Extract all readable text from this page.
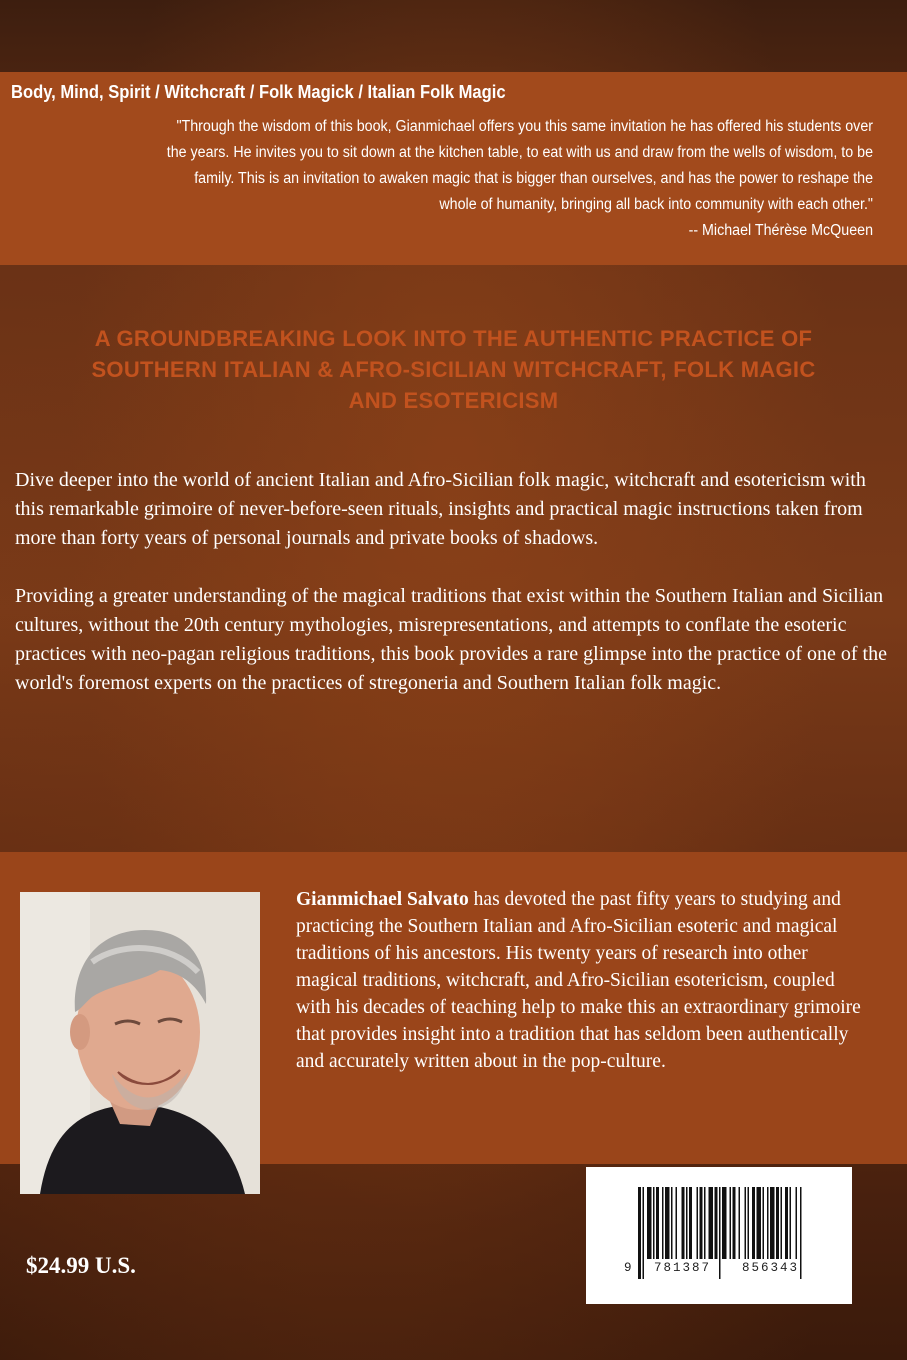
Body, Mind, Spirit / Witchcraft / Folk Magick / Italian Folk Magic
"Through the wisdom of this book, Gianmichael offers you this same invitation he has offered his students over
the years. He invites you to sit down at the kitchen table, to eat with us and draw from the wells of wisdom, to be
family. This is an invitation to awaken magic that is bigger than ourselves, and has the power to reshape the
whole of humanity, bringing all back into community with each other."
-- Michael Thérèse McQueen
A GROUNDBREAKING LOOK INTO THE AUTHENTIC PRACTICE OF
SOUTHERN ITALIAN & AFRO-SICILIAN WITCHCRAFT, FOLK MAGIC
AND ESOTERICISM

Dive deeper into the world of ancient Italian and Afro-Sicilian folk magic, witchcraft and esotericism with this remarkable grimoire of never-before-seen rituals, insights and practical magic instructions taken from more than forty years of personal journals and private books of shadows.

Providing a greater understanding of the magical traditions that exist within the Southern Italian and Sicilian cultures, without the 20th century mythologies, misrepresentations, and attempts to conflate the esoteric practices with neo-pagan religious traditions, this book provides a rare glimpse into the practice of one of the world's foremost experts on the practices of stregoneria and Southern Italian folk magic.

Gianmichael Salvato has devoted the past fifty years to studying and practicing the Southern Italian and Afro-Sicilian esoteric and magical traditions of his ancestors. His twenty years of research into other magical traditions, witchcraft, and Afro-Sicilian esotericism, coupled with his decades of teaching help to make this an extraordinary grimoire that provides insight into a tradition that has seldom been authentically and accurately written about in the pop-culture.
$24.99 U.S.	9 781387 856343
